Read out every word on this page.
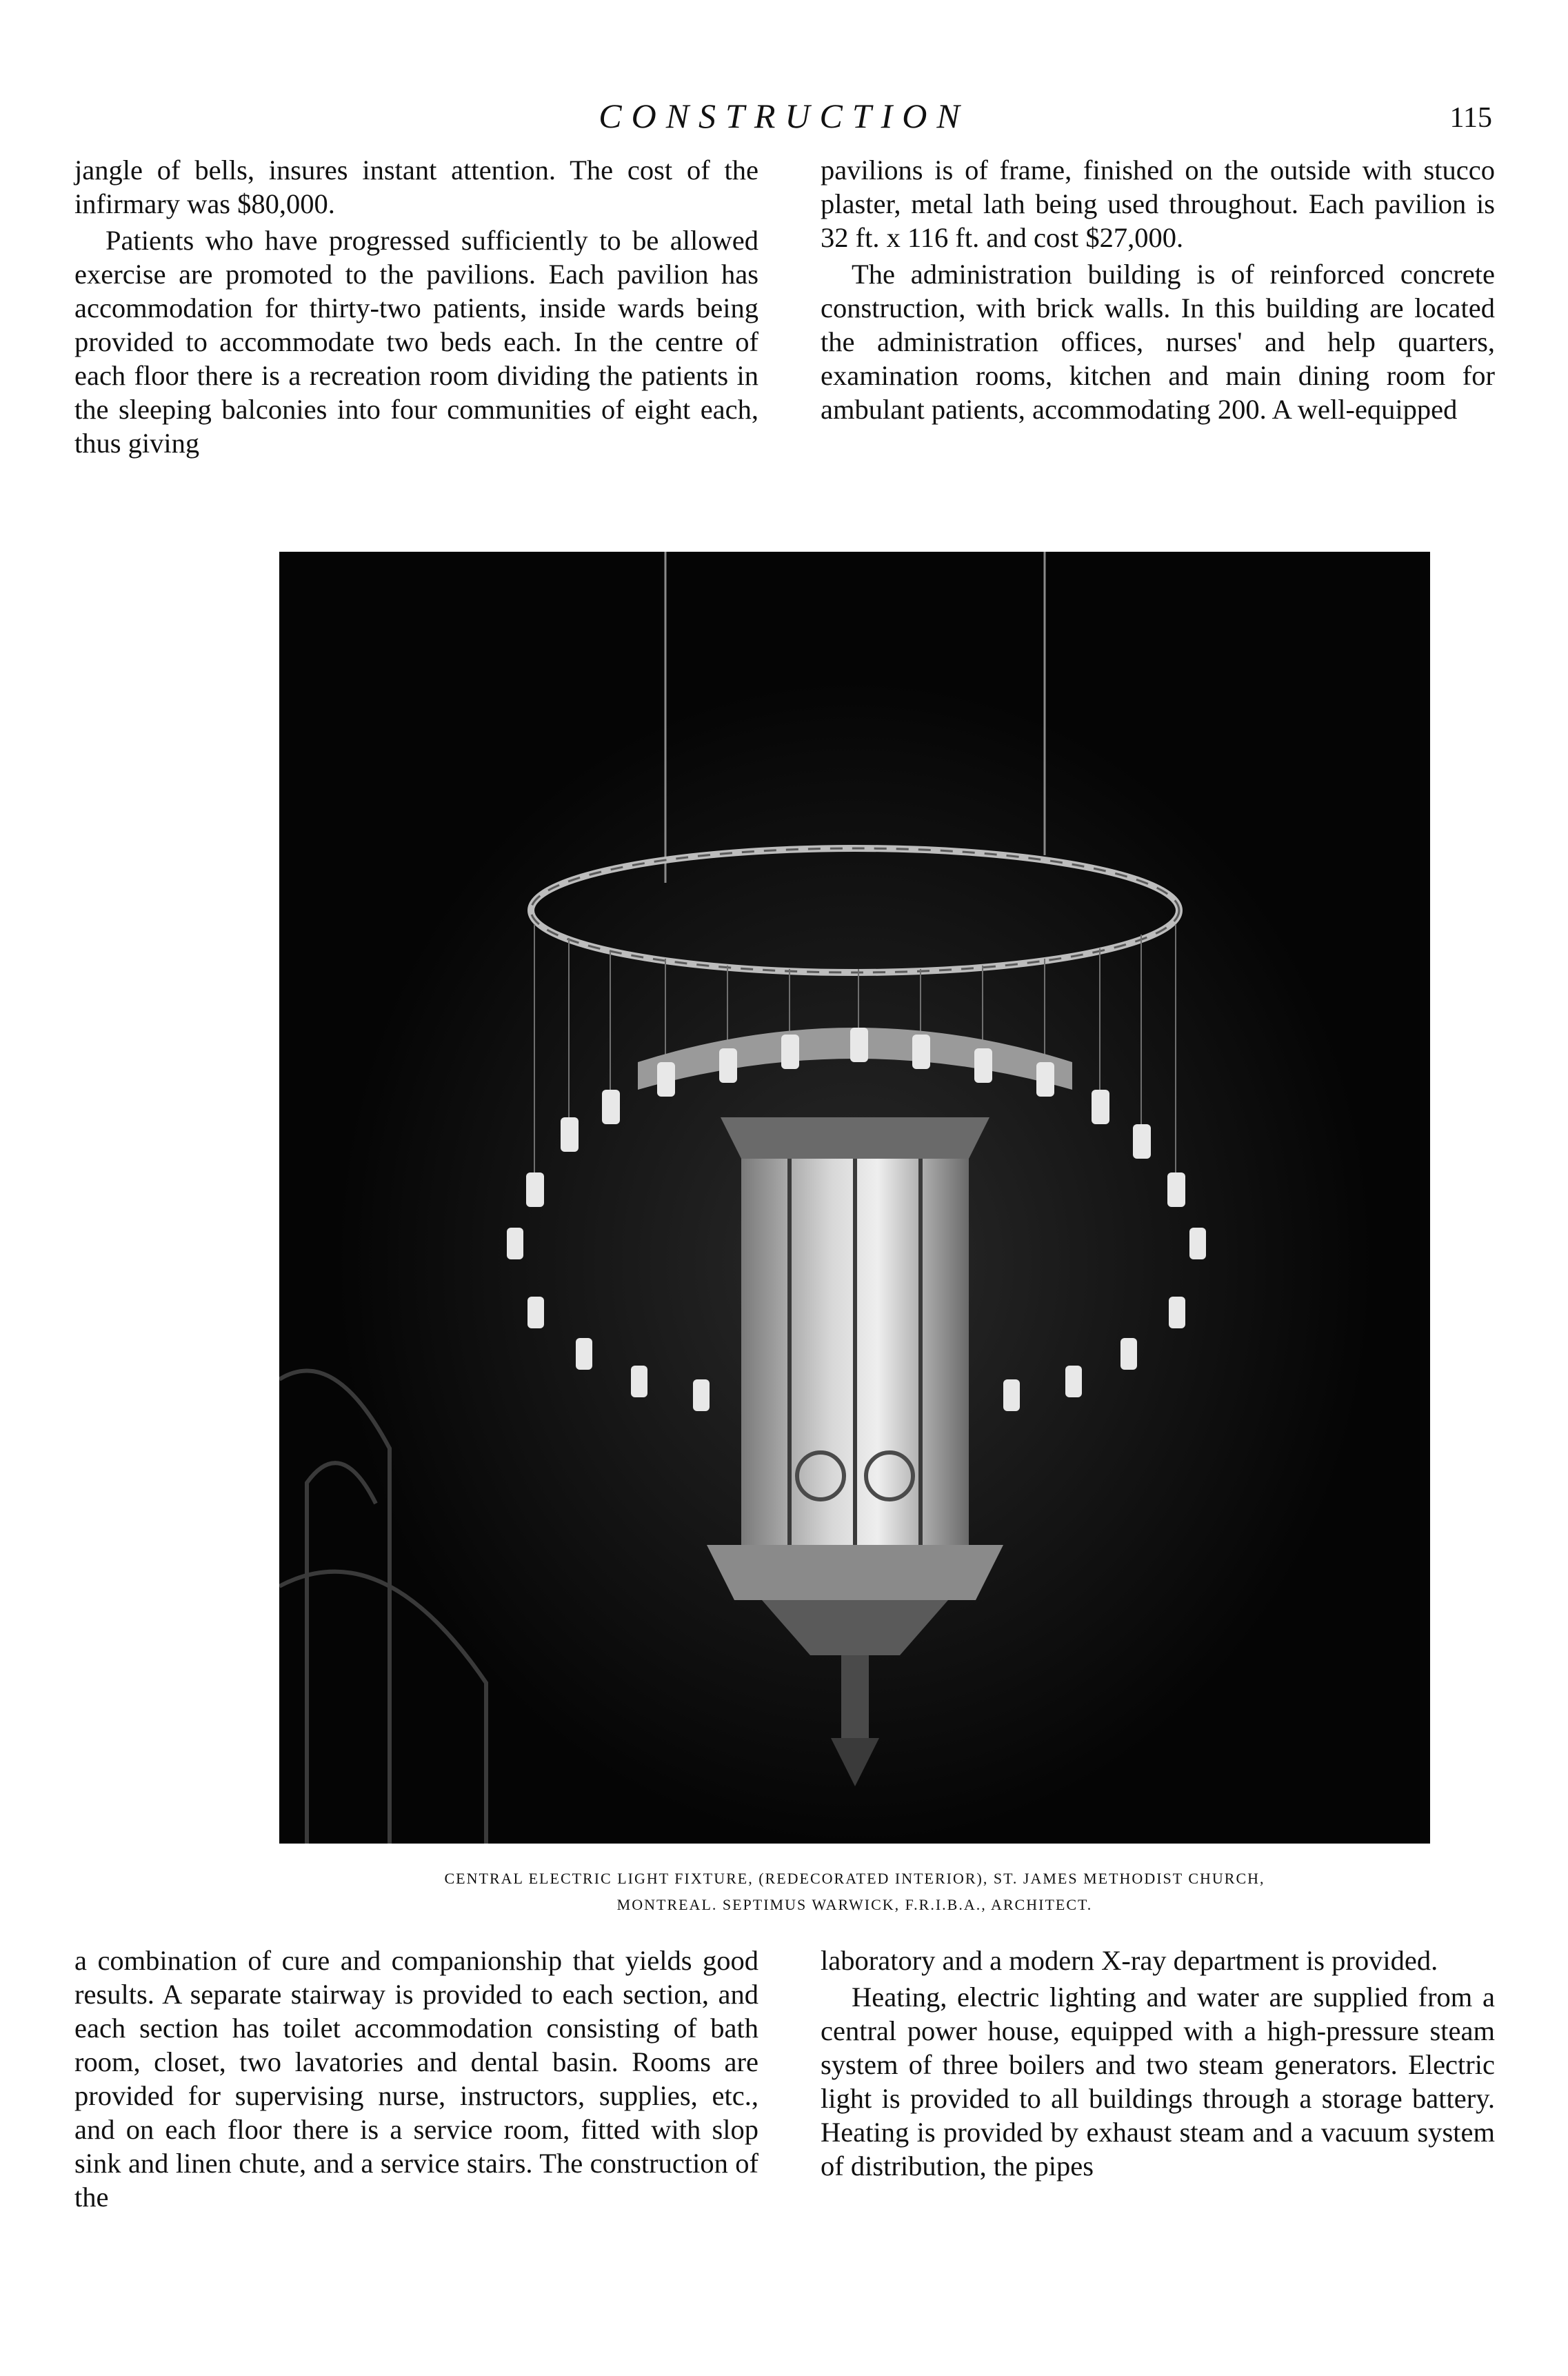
CONSTRUCTION	115

jangle of bells, insures instant attention. The cost of the infirmary was $80,000.

Patients who have progressed sufficiently to be allowed exercise are promoted to the pavilions. Each pavilion has accommodation for thirty-two patients, inside wards being provided to accommodate two beds each. In the centre of each floor there is a recreation room dividing the patients in the sleeping balconies into four communities of eight each, thus giving

pavilions is of frame, finished on the outside with stucco plaster, metal lath being used throughout. Each pavilion is 32 ft. x 116 ft. and cost $27,000.

The administration building is of reinforced concrete construction, with brick walls. In this building are located the administration offices, nurses' and help quarters, examination rooms, kitchen and main dining room for ambulant patients, accommodating 200. A well-equipped

CENTRAL ELECTRIC LIGHT FIXTURE, (REDECORATED INTERIOR), ST. JAMES METHODIST CHURCH,
MONTREAL. SEPTIMUS WARWICK, F.R.I.B.A., ARCHITECT.

a combination of cure and companionship that yields good results. A separate stairway is provided to each section, and each section has toilet accommodation consisting of bath room, closet, two lavatories and dental basin. Rooms are provided for supervising nurse, instructors, supplies, etc., and on each floor there is a service room, fitted with slop sink and linen chute, and a service stairs. The construction of the

laboratory and a modern X-ray department is provided.

Heating, electric lighting and water are supplied from a central power house, equipped with a high-pressure steam system of three boilers and two steam generators. Electric light is provided to all buildings through a storage battery. Heating is provided by exhaust steam and a vacuum system of distribution, the pipes
